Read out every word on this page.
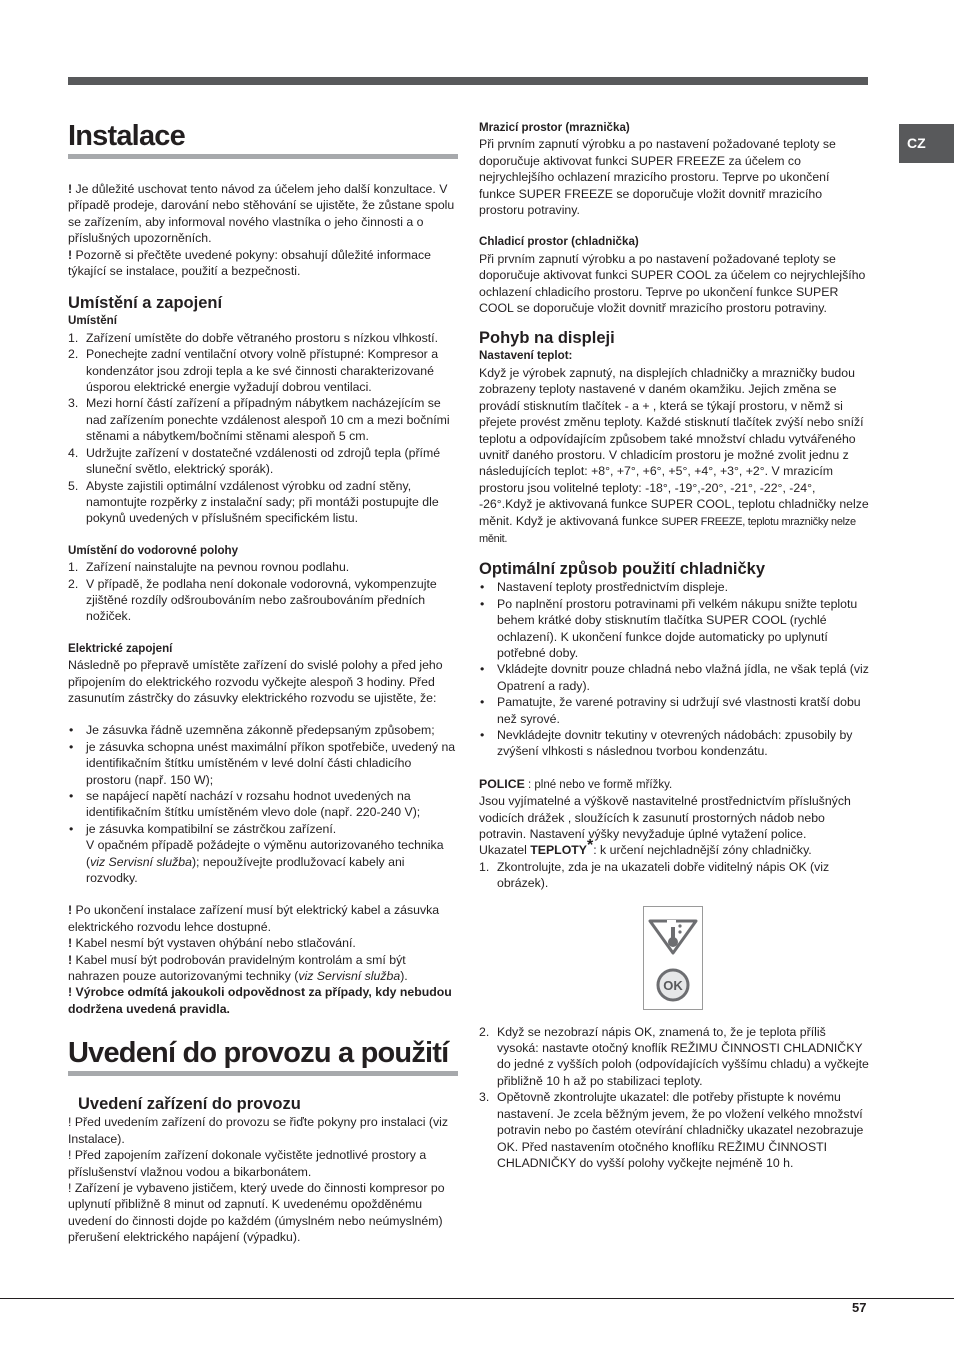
CZ
Instalace

! Je důležité uschovat tento návod za účelem jeho další konzultace. V případě prodeje, darování nebo stěhování se ujistěte, že zůstane spolu se zařízením, aby informoval nového vlastníka o jeho činnosti a o příslušných upozorněních.

! Pozorně si přečtěte uvedené pokyny: obsahují důležité informace týkající se instalace, použití a bezpečnosti.

Umístění a zapojení
Umístění
1. Zařízení umístěte do dobře větraného prostoru s nízkou vlhkostí.
2. Ponechejte zadní ventilační otvory volně přístupné: Kompresor a kondenzátor jsou zdroji tepla a ke své činnosti charakterizované úsporou elektrické energie vyžadují dobrou ventilaci.
3. Mezi horní částí zařízení a případným nábytkem nacházejícím se nad zařízením ponechte vzdálenost alespoň 10 cm a mezi bočními stěnami a nábytkem/bočními stěnami alespoň 5 cm.
4. Udržujte zařízení v dostatečné vzdálenosti od zdrojů tepla (přímé sluneční světlo, elektrický sporák).
5. Abyste zajistili optimální vzdálenost výrobku od zadní stěny, namontujte rozpěrky z instalační sady; při montáži postupujte dle pokynů uvedených v příslušném specifickém listu.
Umístění do vodorovné polohy
1. Zařízení nainstalujte na pevnou rovnou podlahu.
2. V případě, že podlaha není dokonale vodorovná, vykompenzujte zjištěné rozdíly odšroubováním nebo zašroubováním předních nožiček.
Elektrické zapojení

Následně po přepravě umístěte zařízení do svislé polohy a před jeho připojením do elektrického rozvodu vyčkejte alespoň 3 hodiny. Před zasunutím zástrčky do zásuvky elektrického rozvodu se ujistěte, že:

• Je zásuvka řádně uzemněna zákonně předepsaným způsobem;
• je zásuvka schopna unést maximální příkon spotřebiče, uvedený na identifikačním štítku umístěném v levé dolní části chladicího prostoru (např. 150 W);
• se napájecí napětí nachází v rozsahu hodnot uvedených na identifikačním štítku umístěném vlevo dole (např. 220-240 V);
• je zásuvka kompatibilní se zástrčkou zařízení.
V opačném případě požádejte o výměnu autorizovaného technika (viz Servisní služba); nepoužívejte prodlužovací kabely ani rozvodky.

! Po ukončení instalace zařízení musí být elektrický kabel a zásuvka elektrického rozvodu lehce dostupné.

! Kabel nesmí být vystaven ohýbání nebo stlačování.

! Kabel musí být podrobován pravidelným kontrolám a smí být nahrazen pouze autorizovanými techniky (viz Servisní služba).

! Výrobce odmítá jakoukoli odpovědnost za případy, kdy nebudou dodržena uvedená pravidla.

Uvedení do provozu a použití
Uvedení zařízení do provozu

! Před uvedením zařízení do provozu se řiďte pokyny pro instalaci (viz Instalace).

! Před zapojením zařízení dokonale vyčistěte jednotlivé prostory a příslušenství vlažnou vodou a bikarbonátem.

! Zařízení je vybaveno jističem, který uvede do činnosti kompresor po uplynutí přibližně 8 minut od zapnutí. K uvedenému opožděnému uvedení do činnosti dojde po každém (úmyslném nebo neúmyslném) přerušení elektrického napájení (výpadku).

Mrazicí prostor (mraznička)

Při prvním zapnutí výrobku a po nastavení požadované teploty se doporučuje aktivovat funkci SUPER FREEZE za účelem co nejrychlejšího ochlazení mrazicího prostoru. Teprve po ukončení funkce SUPER FREEZE se doporučuje vložit dovnitř mrazicího prostoru potraviny.

Chladicí prostor (chladnička)

Při prvním zapnutí výrobku a po nastavení požadované teploty se doporučuje aktivovat funkci SUPER COOL za účelem co nejrychlejšího ochlazení chladicího prostoru. Teprve po ukončení funkce SUPER COOL se doporučuje vložit dovnitř mrazicího prostoru potraviny.

Pohyb na displeji
Nastavení teplot:

Když je výrobek zapnutý, na displejích chladničky a mrazničky budou zobrazeny teploty nastavené v daném okamžiku. Jejich změna se provádí stisknutím tlačítek - a + , která se týkají prostoru, v němž si přejete provést změnu teploty. Každé stisknutí tlačítek zvýší nebo sníží teplotu a odpovídajícím způsobem také množství chladu vytvářeného uvnitř daného prostoru. V chladicím prostoru je možné zvolit jednu z následujících teplot: +8°, +7°, +6°, +5°, +4°, +3°, +2°. V mrazicím prostoru jsou volitelné teploty: -18°, -19°,-20°, -21°, -22°, -24°, -26°.Když je aktivovaná funkce SUPER COOL, teplotu chladničky nelze měnit. Když je aktivovaná funkce SUPER FREEZE, teplotu mrazničky nelze měnit.

Optimální způsob použití chladničky
• Nastavení teploty prostřednictvím displeje.
• Po naplnění prostoru potravinami při velkém nákupu snižte teplotu behem krátké doby stisknutím tlačítka SUPER COOL (rychlé ochlazení). K ukončení funkce dojde automaticky po uplynutí potřebné doby.
• Vkládejte dovnitr pouze chladná nebo vlažná jídla, ne však teplá (viz Opatrení a rady).
• Pamatujte, že varené potraviny si udržují své vlastnosti kratší dobu než syrové.
• Nevkládejte dovnitr tekutiny v otevrených nádobách: zpusobily by zvýšení vlhkosti s následnou tvorbou kondenzátu.

POLICE : plné nebo ve formě mřížky.

Jsou vyjímatelné a výškově nastavitelné prostřednictvím příslušných vodicích drážek , sloužících k zasunutí prostorných nádob nebo potravin. Nastavení výšky nevyžaduje úplné vytažení police.

Ukazatel TEPLOTY*: k určení nejchladnější zóny chladničky.

1. Zkontrolujte, zda je na ukazateli dobře viditelný nápis OK (viz obrázek).
OK
2. Když se nezobrazí nápis OK, znamená to, že je teplota příliš vysoká: nastavte otočný knoflík REŽIMU ČINNOSTI CHLADNIČKY do jedné z vyšších poloh (odpovídajících vyššímu chladu) a vyčkejte přibližně 10 h až po stabilizaci teploty.
3. Opětovně zkontrolujte ukazatel: dle potřeby přistupte k novému nastavení. Je zcela běžným jevem, že po vložení velkého množství potravin nebo po častém otevírání chladničky ukazatel nezobrazuje OK. Před nastavením otočného knoflíku REŽIMU ČINNOSTI CHLADNIČKY do vyšší polohy vyčkejte nejméně 10 h.
57
